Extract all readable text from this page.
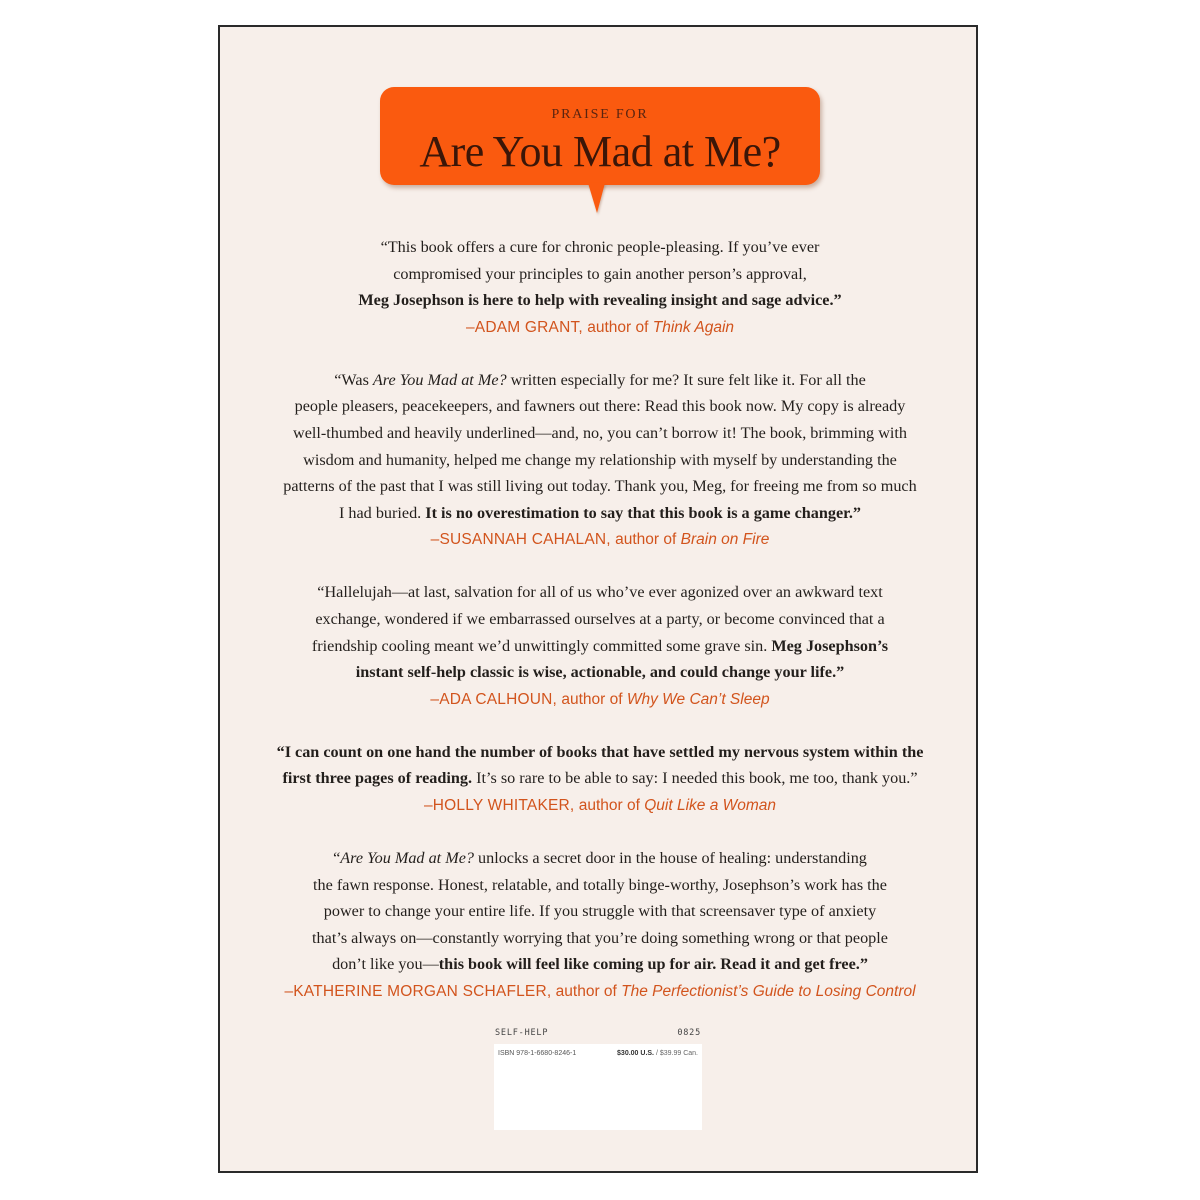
PRAISE FOR
Are You Mad at Me?

“This book offers a cure for chronic people-pleasing. If you’ve ever

compromised your principles to gain another person’s approval,

Meg Josephson is here to help with revealing insight and sage advice.”

–ADAM GRANT, author of Think Again

“Was Are You Mad at Me? written especially for me? It sure felt like it. For all the

people pleasers, peacekeepers, and fawners out there: Read this book now. My copy is already

well-thumbed and heavily underlined—and, no, you can’t borrow it! The book, brimming with

wisdom and humanity, helped me change my relationship with myself by understanding the

patterns of the past that I was still living out today. Thank you, Meg, for freeing me from so much

I had buried. It is no overestimation to say that this book is a game changer.”

–SUSANNAH CAHALAN, author of Brain on Fire

“Hallelujah—at last, salvation for all of us who’ve ever agonized over an awkward text

exchange, wondered if we embarrassed ourselves at a party, or become convinced that a

friendship cooling meant we’d unwittingly committed some grave sin. Meg Josephson’s

instant self-help classic is wise, actionable, and could change your life.”

–ADA CALHOUN, author of Why We Can’t Sleep

“I can count on one hand the number of books that have settled my nervous system within the

first three pages of reading. It’s so rare to be able to say: I needed this book, me too, thank you.”

–HOLLY WHITAKER, author of Quit Like a Woman

“Are You Mad at Me? unlocks a secret door in the house of healing: understanding

the fawn response. Honest, relatable, and totally binge-worthy, Josephson’s work has the

power to change your entire life. If you struggle with that screensaver type of anxiety

that’s always on—constantly worrying that you’re doing something wrong or that people

don’t like you—this book will feel like coming up for air. Read it and get free.”

–KATHERINE MORGAN SCHAFLER, author of The Perfectionist’s Guide to Losing Control

SELF-HELP	0825
ISBN 978-1-6680-8246-1	$30.00 U.S. / $39.99 Can.
